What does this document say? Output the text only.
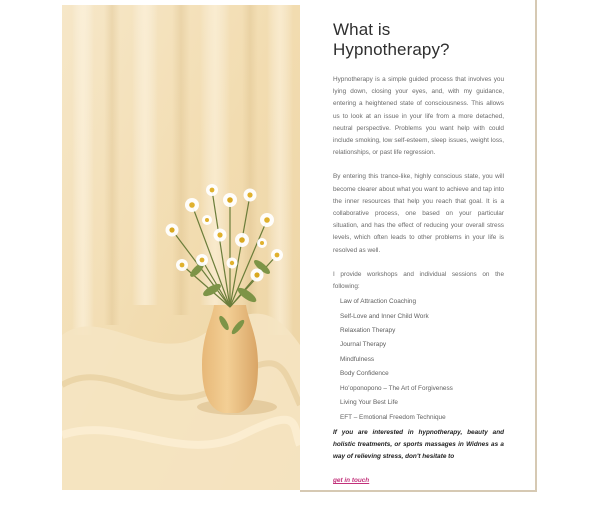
What is Hypnotherapy?

Hypnotherapy is a simple guided process that involves you lying down, closing your eyes, and, with my guidance, entering a heightened state of consciousness. This allows us to look at an issue in your life from a more detached, neutral perspective. Problems you want help with could include smoking, low self-esteem, sleep issues, weight loss, relationships, or past life regression.

By entering this trance-like, highly conscious state, you will become clearer about what you want to achieve and tap into the inner resources that help you reach that goal. It is a collaborative process, one based on your particular situation, and has the effect of reducing your overall stress levels, which often leads to other problems in your life is resolved as well.

I provide workshops and individual sessions on the following:

Law of Attraction Coaching
Self-Love and Inner Child Work
Relaxation Therapy
Journal Therapy
Mindfulness
Body Confidence
Ho’oponopono – The Art of Forgiveness
Living Your Best Life
EFT – Emotional Freedom Technique
If you are interested in hypnotherapy, beauty and holistic treatments, or sports massages in Widnes as a way of relieving stress, don't hesitate to
get in touch
